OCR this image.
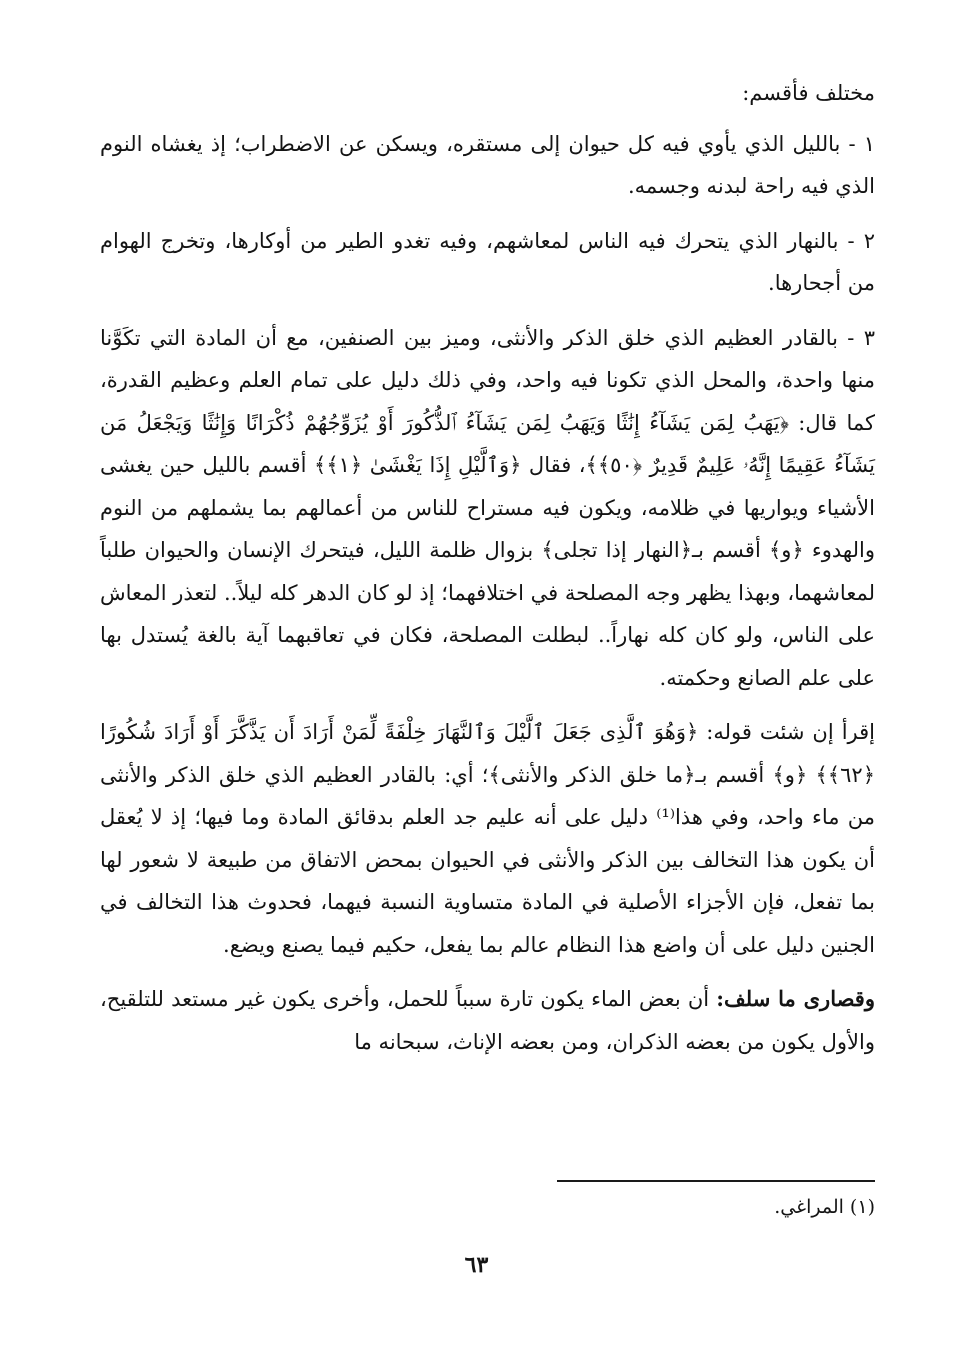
مختلف فأقسم:

١ - بالليل الذي يأوي فيه كل حيوان إلى مستقره، ويسكن عن الاضطراب؛ إذ يغشاه النوم الذي فيه راحة لبدنه وجسمه.

٢ - بالنهار الذي يتحرك فيه الناس لمعاشهم، وفيه تغدو الطير من أوكارها، وتخرج الهوام من أجحارها.

٣ - بالقادر العظيم الذي خلق الذكر والأنثى، وميز بين الصنفين، مع أن المادة التي تكَوَّنا منها واحدة، والمحل الذي تكونا فيه واحد، وفي ذلك دليل على تمام العلم وعظيم القدرة، كما قال: ﴿يَهَبُ لِمَن يَشَآءُ إِنَٰثًا وَيَهَبُ لِمَن يَشَآءُ ٱلذُّكُورَ أَوْ يُزَوِّجُهُمْ ذُكْرَانًا وَإِنَٰثًا وَيَجْعَلُ مَن يَشَآءُ عَقِيمًا إِنَّهُۥ عَلِيمٌ قَدِيرٌ ﴿٥٠﴾﴾، فقال ﴿وَٱلَّيْلِ إِذَا يَغْشَىٰ ﴿١﴾﴾ أقسم بالليل حين يغشى الأشياء ويواريها في ظلامه، ويكون فيه مستراح للناس من أعمالهم بما يشملهم من النوم والهدوء ﴿و﴾ أقسم بـ﴿النهار إذا تجلى﴾ بزوال ظلمة الليل، فيتحرك الإنسان والحيوان طلباً لمعاشهما، وبهذا يظهر وجه المصلحة في اختلافهما؛ إذ لو كان الدهر كله ليلاً.. لتعذر المعاش على الناس، ولو كان كله نهاراً.. لبطلت المصلحة، فكان في تعاقبهما آية بالغة يُستدل بها على علم الصانع وحكمته.

إقرأ إن شئت قوله: ﴿وَهُوَ ٱلَّذِى جَعَلَ ٱلَّيْلَ وَٱلنَّهَارَ خِلْفَةً لِّمَنْ أَرَادَ أَن يَذَّكَّرَ أَوْ أَرَادَ شُكُورًا ﴿٦٢﴾﴾ ﴿و﴾ أقسم بـ﴿ما خلق الذكر والأنثى﴾؛ أي: بالقادر العظيم الذي خلق الذكر والأنثى من ماء واحد، وفي هذا⁽¹⁾ دليل على أنه عليم جد العلم بدقائق المادة وما فيها؛ إذ لا يُعقل أن يكون هذا التخالف بين الذكر والأنثى في الحيوان بمحض الاتفاق من طبيعة لا شعور لها بما تفعل، فإن الأجزاء الأصلية في المادة متساوية النسبة فيهما، فحدوث هذا التخالف في الجنين دليل على أن واضع هذا النظام عالم بما يفعل، حكيم فيما يصنع ويضع.

وقصارى ما سلف: أن بعض الماء يكون تارة سبباً للحمل، وأخرى يكون غير مستعد للتلقيح، والأول يكون من بعضه الذكران، ومن بعضه الإناث، سبحانه ما

(١) المراغي.
٦٣
